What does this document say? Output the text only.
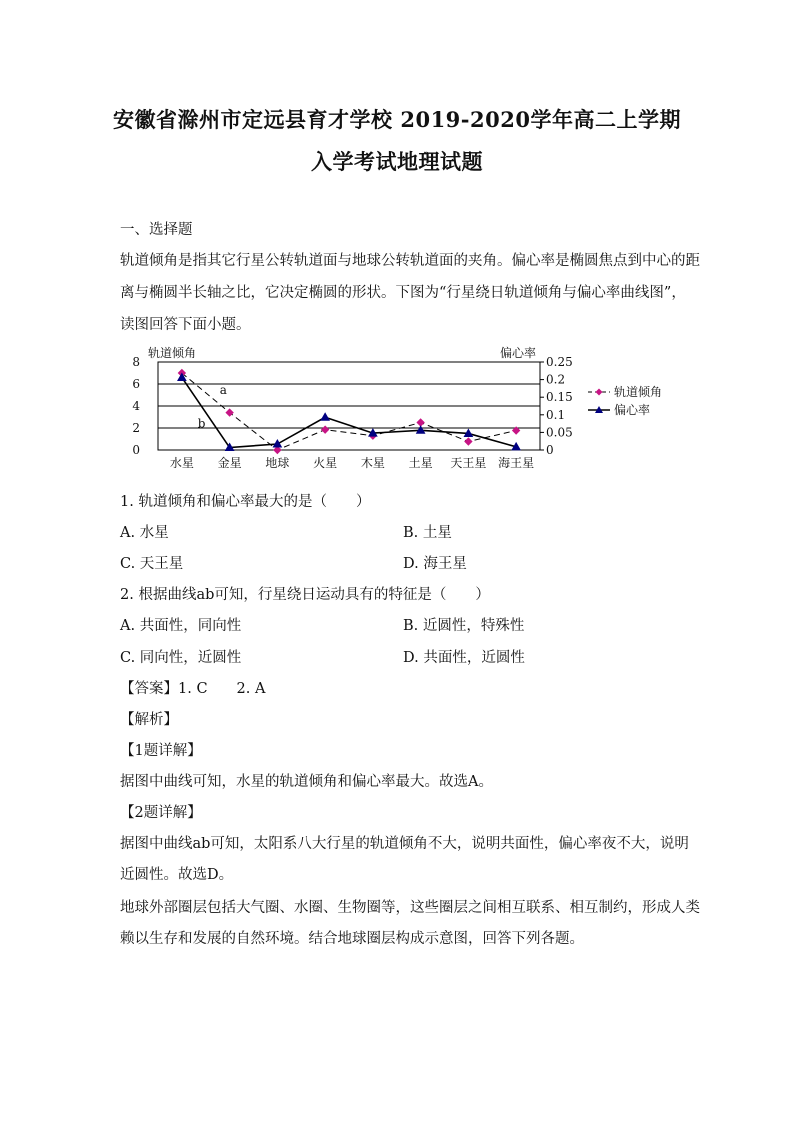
安徽省滁州市定远县育才学校 2019-2020学年高二上学期
入学考试地理试题
一、选择题
轨道倾角是指其它行星公转轨道面与地球公转轨道面的夹角。偏心率是椭圆焦点到中心的距
离与椭圆半长轴之比，它决定椭圆的形状。下图为“行星绕日轨道倾角与偏心率曲线图”，
读图回答下面小题。
0
2
4
6
8
0
0.05
0.1
0.15
0.2
0.25
轨道倾角	偏心率
水星 金星 地球 火星 木星 土星 天王星 海王星
a
b
轨道倾角
偏心率
1. 轨道倾角和偏心率最大的是（　　）
A. 水星	B. 土星
C. 天王星	D. 海王星
2. 根据曲线ab可知，行星绕日运动具有的特征是（　　）
A. 共面性，同向性	B. 近圆性，特殊性
C. 同向性，近圆性	D. 共面性，近圆性
【答案】1. C　　2. A
【解析】
【1题详解】
据图中曲线可知，水星的轨道倾角和偏心率最大。故选A。
【2题详解】
据图中曲线ab可知，太阳系八大行星的轨道倾角不大，说明共面性，偏心率夜不大，说明
近圆性。故选D。
地球外部圈层包括大气圈、水圈、生物圈等，这些圈层之间相互联系、相互制约，形成人类
赖以生存和发展的自然环境。结合地球圈层构成示意图，回答下列各题。
